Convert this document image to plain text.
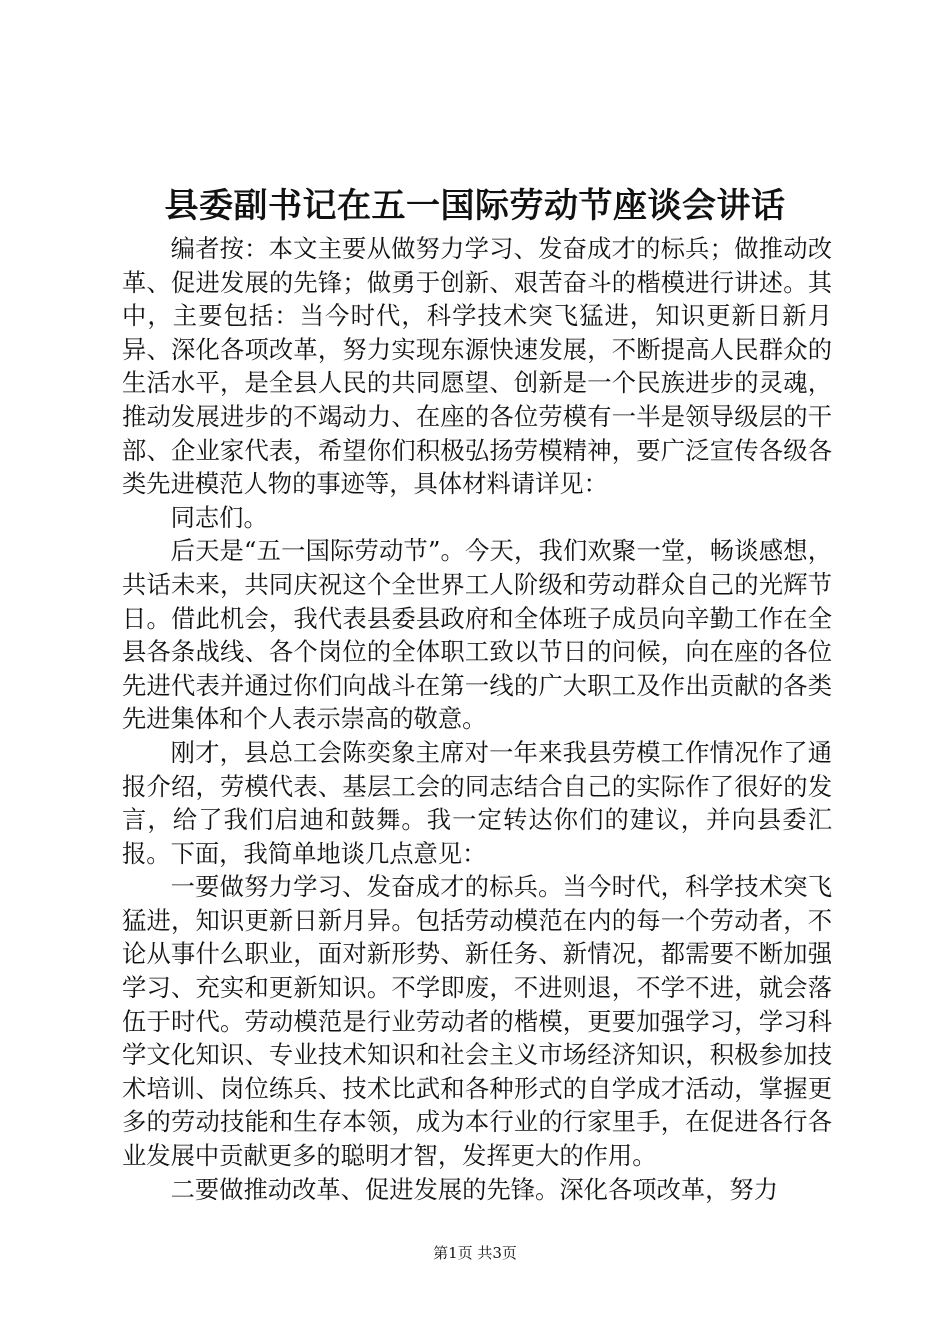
县委副书记在五一国际劳动节座谈会讲话

编者按：本文主要从做努力学习、发奋成才的标兵；做推动改革、促进发展的先锋；做勇于创新、艰苦奋斗的楷模进行讲述。其中，主要包括：当今时代，科学技术突飞猛进，知识更新日新月异、深化各项改革，努力实现东源快速发展，不断提高人民群众的生活水平，是全县人民的共同愿望、创新是一个民族进步的灵魂，推动发展进步的不竭动力、在座的各位劳模有一半是领导级层的干部、企业家代表，希望你们积极弘扬劳模精神，要广泛宣传各级各类先进模范人物的事迹等，具体材料请详见：

同志们。

后天是“五一国际劳动节”。今天，我们欢聚一堂，畅谈感想，共话未来，共同庆祝这个全世界工人阶级和劳动群众自己的光辉节日。借此机会，我代表县委县政府和全体班子成员向辛勤工作在全县各条战线、各个岗位的全体职工致以节日的问候，向在座的各位先进代表并通过你们向战斗在第一线的广大职工及作出贡献的各类先进集体和个人表示崇高的敬意。

刚才，县总工会陈奕象主席对一年来我县劳模工作情况作了通报介绍，劳模代表、基层工会的同志结合自己的实际作了很好的发言，给了我们启迪和鼓舞。我一定转达你们的建议，并向县委汇报。下面，我简单地谈几点意见：

一要做努力学习、发奋成才的标兵。当今时代，科学技术突飞猛进，知识更新日新月异。包括劳动模范在内的每一个劳动者，不论从事什么职业，面对新形势、新任务、新情况，都需要不断加强学习、充实和更新知识。不学即废，不进则退，不学不进，就会落伍于时代。劳动模范是行业劳动者的楷模，更要加强学习，学习科学文化知识、专业技术知识和社会主义市场经济知识，积极参加技术培训、岗位练兵、技术比武和各种形式的自学成才活动，掌握更多的劳动技能和生存本领，成为本行业的行家里手，在促进各行各业发展中贡献更多的聪明才智，发挥更大的作用。

二要做推动改革、促进发展的先锋。深化各项改革，努力

第1页 共3页
